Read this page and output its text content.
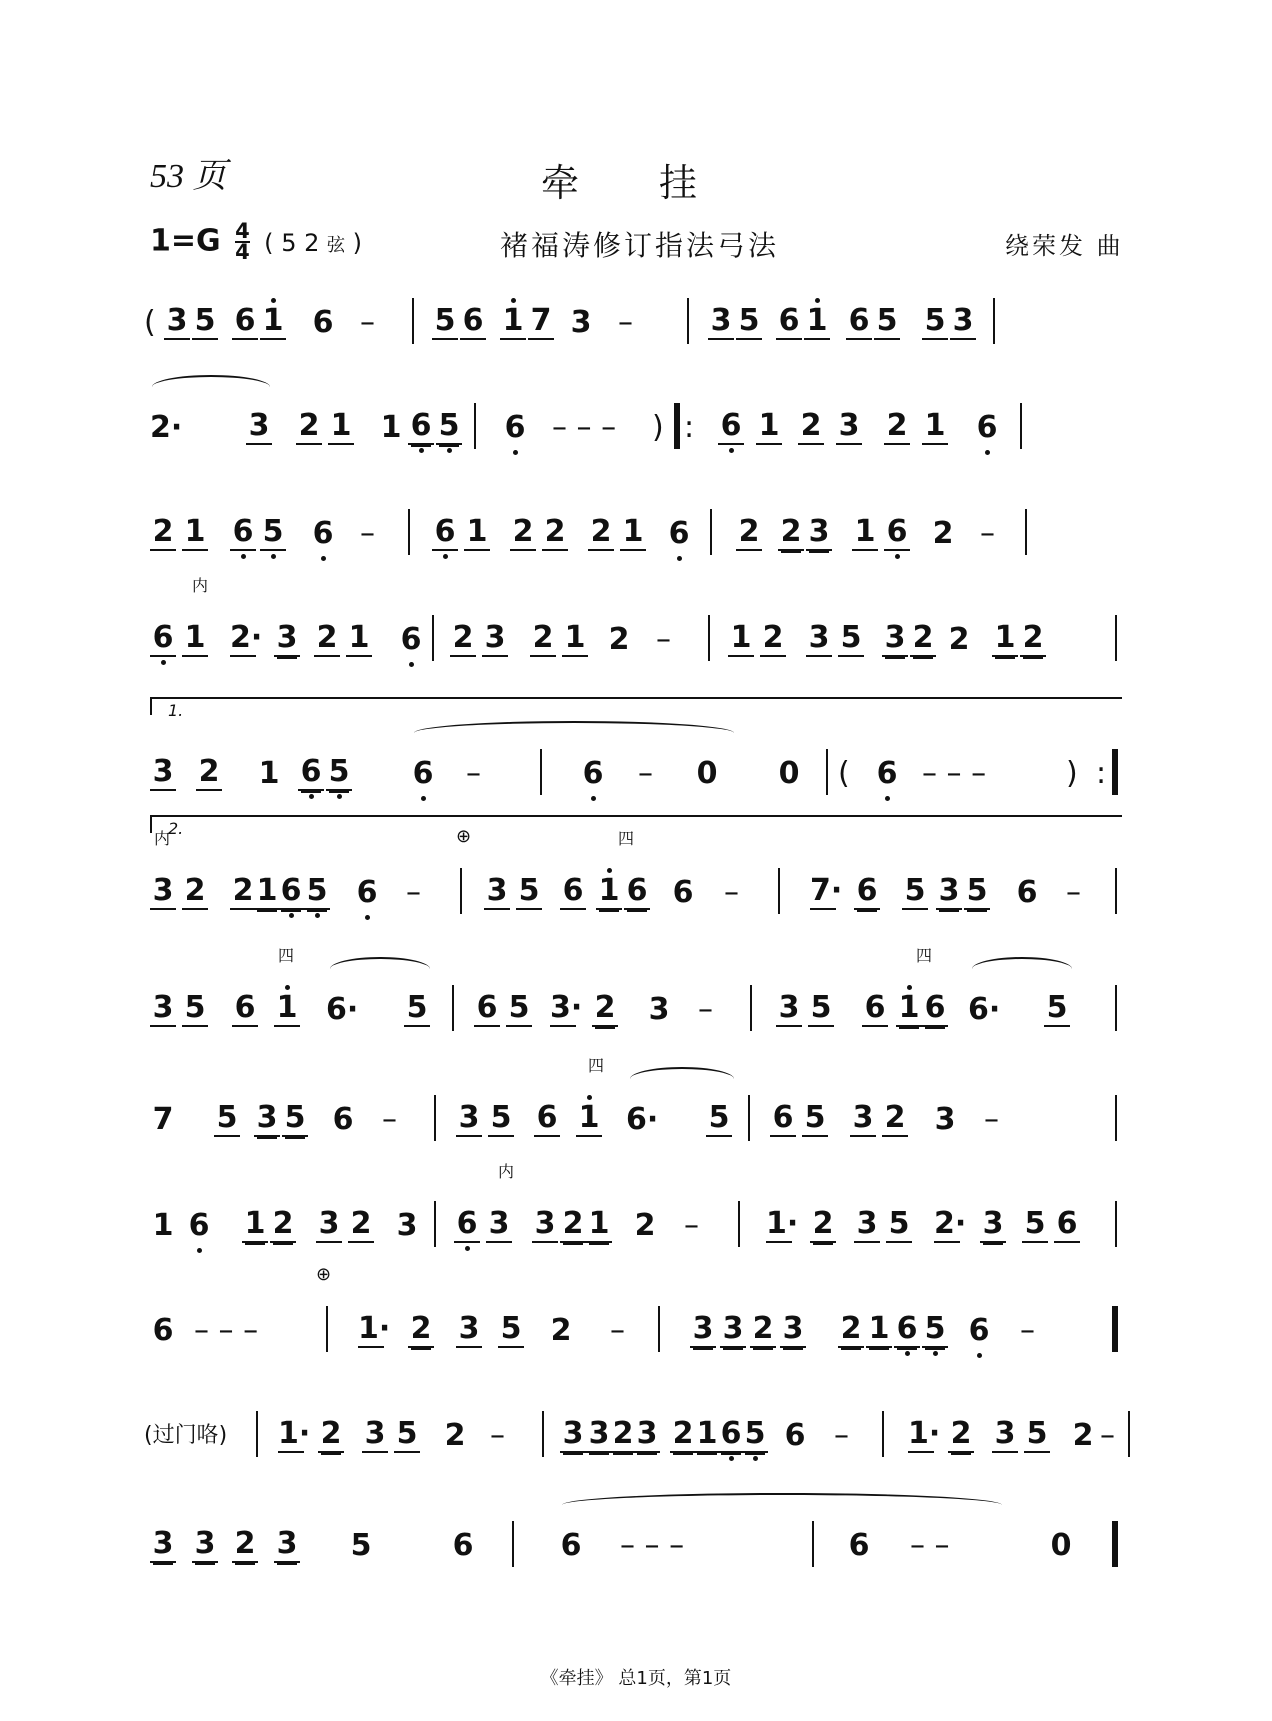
53 页	牵 挂
$1=G \frac{4}{4}$ ( 5 2 弦 )	褚福涛修订指法弓法	绕荣发 曲
( 3 5 6 1 6 – 5 6 1 7 3 –	3 5 6 1 6 5 5 3
2· 3 2 1 1 6 5 6 – – – ) : 6 1 2 3 2 1 6
2 1 6 5 6 – 6 1 2 2 2 1 6 2 2 3 1 6 2 –
内
6 1 2· 3 2 1 6 2 3 2 1 2 – 1 2 3 5 3 2 2 1 2
1.
3 2 1 6 5 6 –	6 – 0 0 ( 6 – – –	) :
2.
内
3 2 2 1 6 5 6 –
⊕
3 5
四
6 1 6 6 – 7· 6 5 3 5 6 –
3 5
四
6 1 6· 5 6 5 3· 2 3 – 3 5
四
6 1 6 6· 5
7 5 3 5 6 – 3 5
四
6 1 6· 5 6 5 3 2 3 –
1 6 1 2 3 2 3
内
6 3 3 2 1 2 – 1· 2 3 5 2· 3 5 6
6 – – –
⊕
1· 2 3 5 2 – 3 3 2 3 2 1 6 5 6 –
(过门咯) 1· 2 3 5 2 – 3 3 2 3 2 1 6 5 6 – 1· 2 3 5 2 –
3 3 2 3 5	6	6 – – –	6 – –	0
《牵挂》 总1页，第1页
